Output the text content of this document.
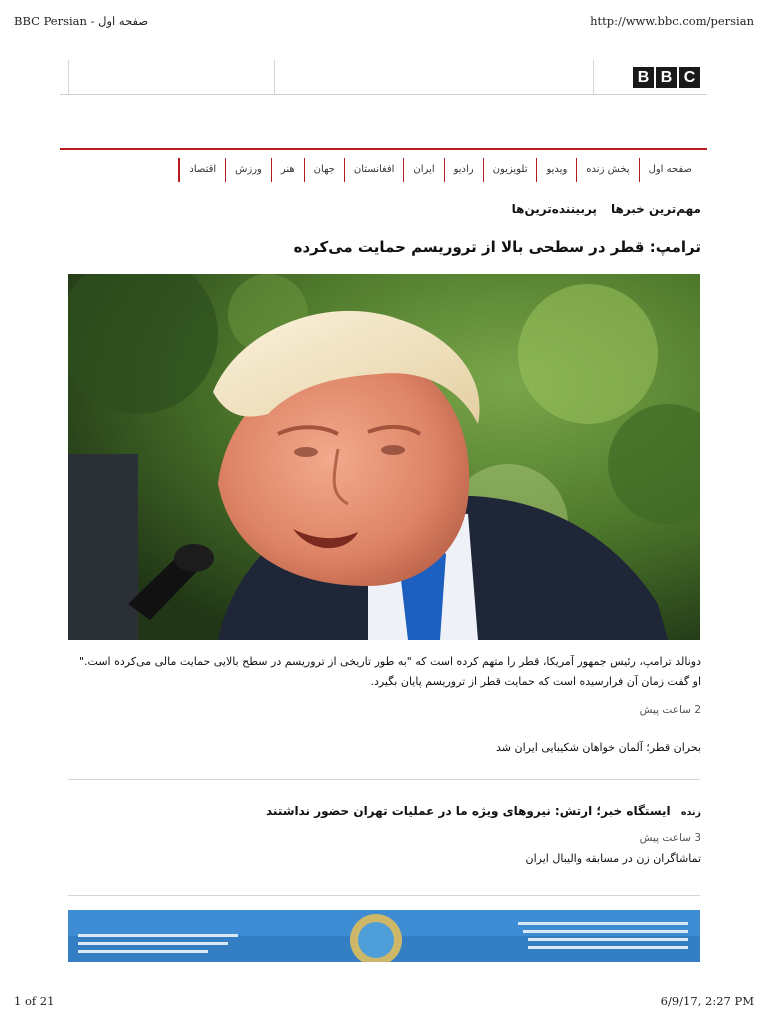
BBC Persian - صفحه اول	http://www.bbc.com/persian
B B C
صفحه اول
پخش زنده
ویدیو
تلویزیون
رادیو
ایران
افغانستان
جهان
هنر
ورزش
اقتصاد
مهم‌ترین خبرها
پربیننده‌ترین‌ها
ترامپ: قطر در سطحی بالا از تروریسم حمایت می‌کرده
دونالد ترامپ، رئیس جمهور آمریکا، قطر را متهم کرده است که "به طور تاریخی از تروریسم در سطح بالایی حمایت مالی می‌کرده است."
او گفت زمان آن فرارسیده است که حمایت قطر از تروریسم پایان بگیرد.
2 ساعت پیش
بحران قطر؛ آلمان خواهان شکیبایی ایران شد
زنده ایستگاه خبر؛ ارتش: نیروهای ویژه ما در عملیات تهران حضور نداشتند
3 ساعت پیش
تماشاگران زن در مسابقه والیبال ایران
1 of 21	6/9/17, 2:27 PM
